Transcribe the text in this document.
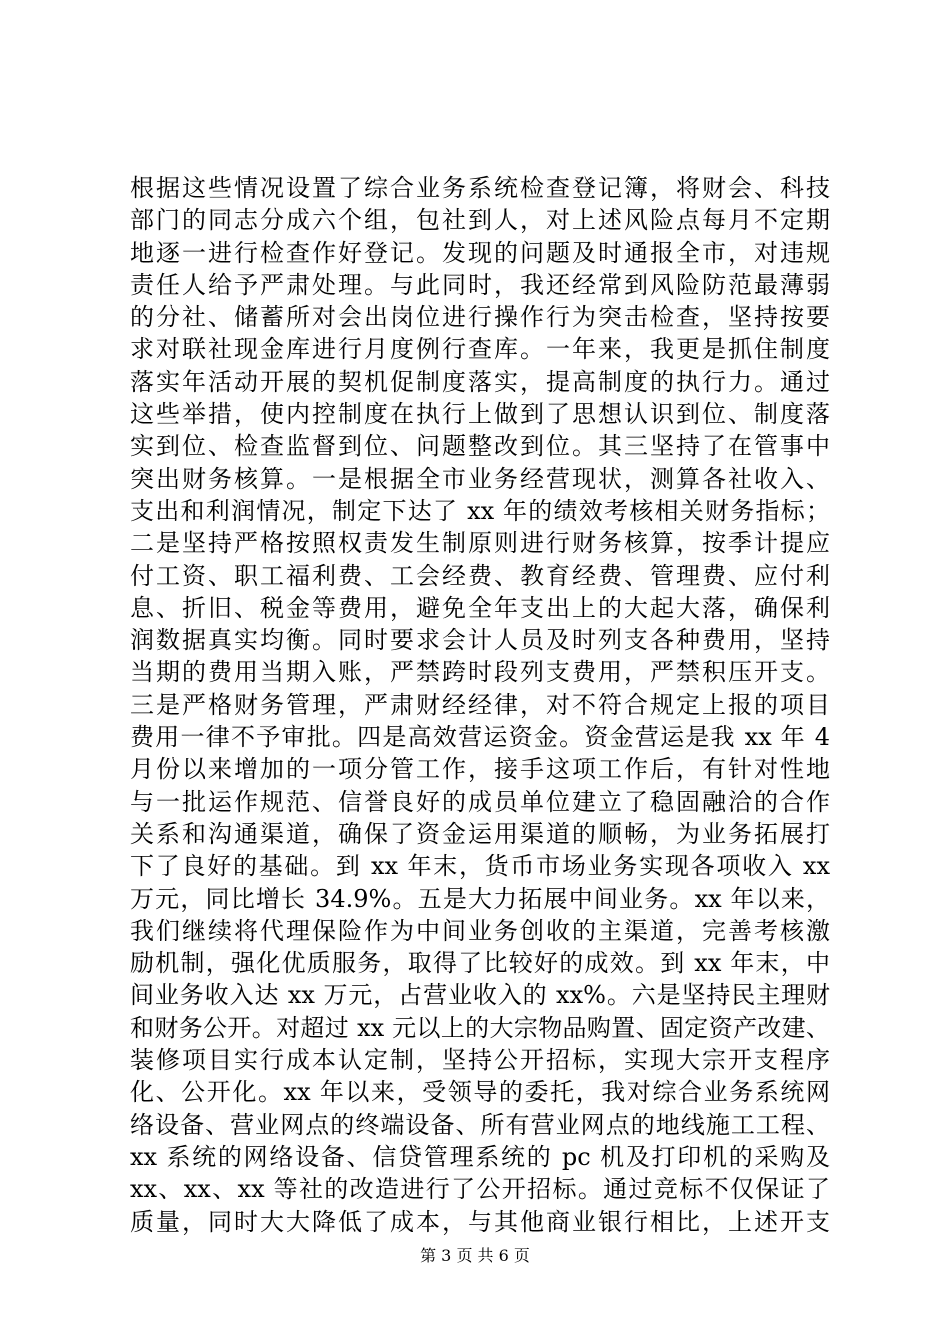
根据这些情况设置了综合业务系统检查登记簿，将财会、科技
部门的同志分成六个组，包社到人，对上述风险点每月不定期
地逐一进行检查作好登记。发现的问题及时通报全市，对违规
责任人给予严肃处理。与此同时，我还经常到风险防范最薄弱
的分社、储蓄所对会出岗位进行操作行为突击检查，坚持按要
求对联社现金库进行月度例行查库。一年来，我更是抓住制度
落实年活动开展的契机促制度落实，提高制度的执行力。通过
这些举措，使内控制度在执行上做到了思想认识到位、制度落
实到位、检查监督到位、问题整改到位。其三坚持了在管事中
突出财务核算。一是根据全市业务经营现状，测算各社收入、
支出和利润情况，制定下达了 xx 年的绩效考核相关财务指标；
二是坚持严格按照权责发生制原则进行财务核算，按季计提应
付工资、职工福利费、工会经费、教育经费、管理费、应付利
息、折旧、税金等费用，避免全年支出上的大起大落，确保利
润数据真实均衡。同时要求会计人员及时列支各种费用，坚持
当期的费用当期入账，严禁跨时段列支费用，严禁积压开支。
三是严格财务管理，严肃财经经律，对不符合规定上报的项目
费用一律不予审批。四是高效营运资金。资金营运是我 xx 年 4
月份以来增加的一项分管工作，接手这项工作后，有针对性地
与一批运作规范、信誉良好的成员单位建立了稳固融洽的合作
关系和沟通渠道，确保了资金运用渠道的顺畅，为业务拓展打
下了良好的基础。到 xx 年末，货币市场业务实现各项收入 xx
万元，同比增长 34.9%。五是大力拓展中间业务。xx 年以来，
我们继续将代理保险作为中间业务创收的主渠道，完善考核激
励机制，强化优质服务，取得了比较好的成效。到 xx 年末，中
间业务收入达 xx 万元，占营业收入的 xx%。六是坚持民主理财
和财务公开。对超过 xx 元以上的大宗物品购置、固定资产改建、
装修项目实行成本认定制，坚持公开招标，实现大宗开支程序
化、公开化。xx 年以来，受领导的委托，我对综合业务系统网
络设备、营业网点的终端设备、所有营业网点的地线施工工程、
xx 系统的网络设备、信贷管理系统的 pc 机及打印机的采购及
xx、xx、xx 等社的改造进行了公开招标。通过竞标不仅保证了
质量，同时大大降低了成本，与其他商业银行相比，上述开支
第 3 页 共 6 页
